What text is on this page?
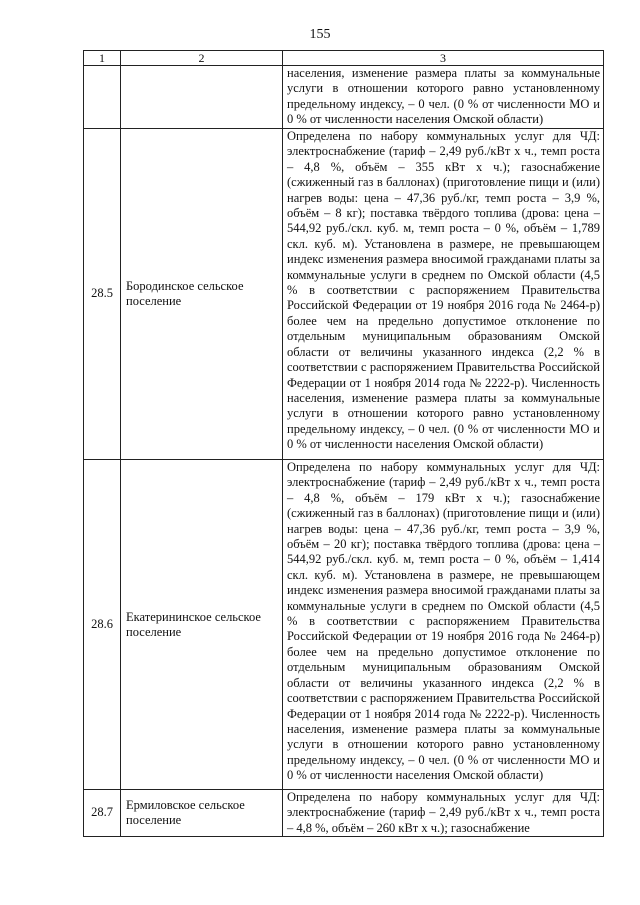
155
1	2	3
		населения, изменение размера платы за коммунальные услуги в отношении которого равно установленному предельному индексу, – 0 чел. (0 % от численности МО и 0 % от численности населения Омской области)
28.5	Бородинское сельское поселение	Определена по набору коммунальных услуг для ЧД: электроснабжение (тариф – 2,49 руб./кВт х ч., темп роста – 4,8 %, объём – 355 кВт х ч.); газоснабжение (сжиженный газ в баллонах) (приготовление пищи и (или) нагрев воды: цена – 47,36 руб./кг, темп роста – 3,9 %, объём – 8 кг); поставка твёрдого топлива (дрова: цена – 544,92 руб./скл. куб. м, темп роста – 0 %, объём – 1,789 скл. куб. м). Установлена в размере, не превышающем индекс изменения размера вносимой гражданами платы за коммунальные услуги в среднем по Омской области (4,5 % в соответствии с распоряжением Правительства Российской Федерации от 19 ноября 2016 года № 2464-р) более чем на предельно допустимое отклонение по отдельным муниципальным образованиям Омской области от величины указанного индекса (2,2 % в соответствии с распоряжением Правительства Российской Федерации от 1 ноября 2014 года № 2222-р). Численность населения, изменение размера платы за коммунальные услуги в отношении которого равно установленному предельному индексу, – 0 чел. (0 % от численности МО и 0 % от численности населения Омской области)
28.6	Екатерининское сельское поселение	Определена по набору коммунальных услуг для ЧД: электроснабжение (тариф – 2,49 руб./кВт х ч., темп роста – 4,8 %, объём – 179 кВт х ч.); газоснабжение (сжиженный газ в баллонах) (приготовление пищи и (или) нагрев воды: цена – 47,36 руб./кг, темп роста – 3,9 %, объём – 20 кг); поставка твёрдого топлива (дрова: цена – 544,92 руб./скл. куб. м, темп роста – 0 %, объём – 1,414 скл. куб. м). Установлена в размере, не превышающем индекс изменения размера вносимой гражданами платы за коммунальные услуги в среднем по Омской области (4,5 % в соответствии с распоряжением Правительства Российской Федерации от 19 ноября 2016 года № 2464-р) более чем на предельно допустимое отклонение по отдельным муниципальным образованиям Омской области от величины указанного индекса (2,2 % в соответствии с распоряжением Правительства Российской Федерации от 1 ноября 2014 года № 2222-р). Численность населения, изменение размера платы за коммунальные услуги в отношении которого равно установленному предельному индексу, – 0 чел. (0 % от численности МО и 0 % от численности населения Омской области)
28.7	Ермиловское сельское поселение	Определена по набору коммунальных услуг для ЧД: электроснабжение (тариф – 2,49 руб./кВт х ч., темп роста – 4,8 %, объём – 260 кВт х ч.); газоснабжение
